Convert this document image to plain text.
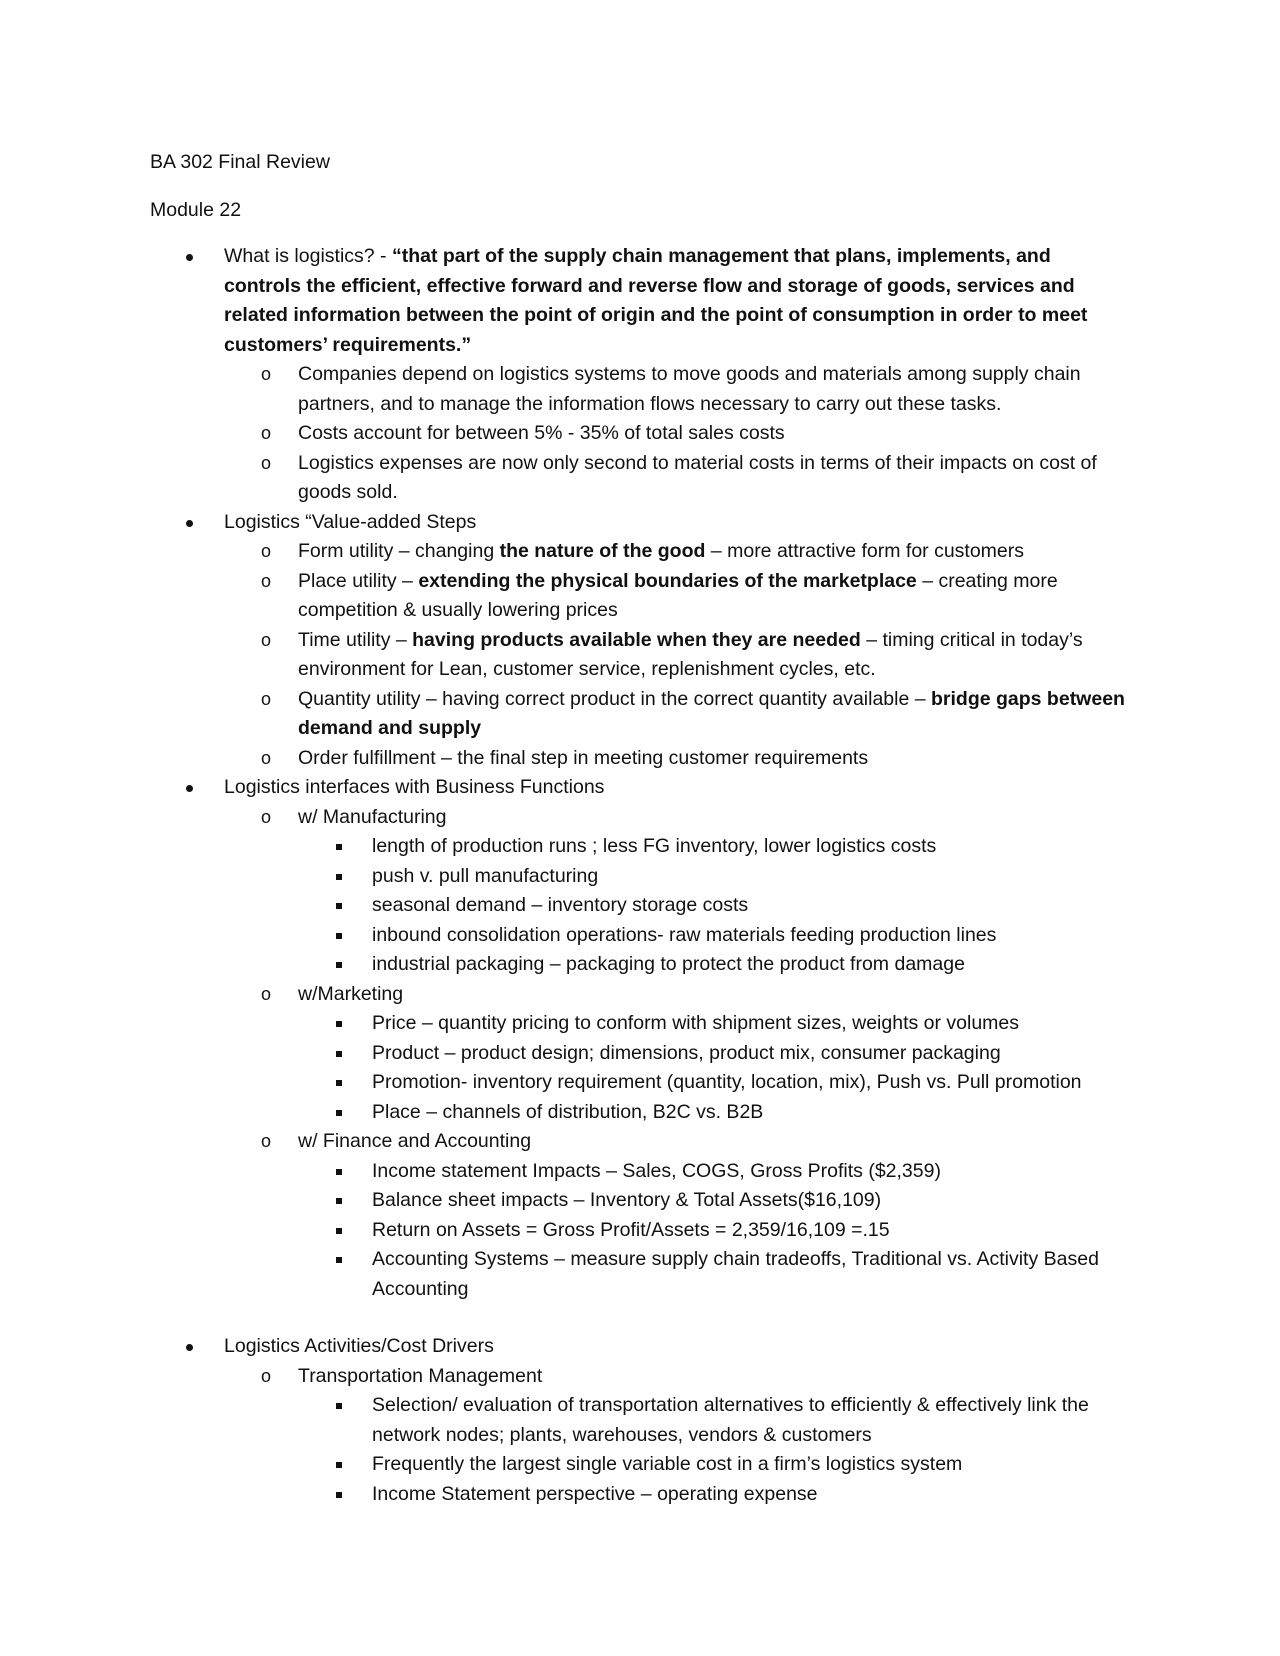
BA 302 Final Review

Module 22

What is logistics? - “that part of the supply chain management that plans, implements, and controls the efficient, effective forward and reverse flow and storage of goods, services and related information between the point of origin and the point of consumption in order to meet customers’ requirements.”
o Companies depend on logistics systems to move goods and materials among supply chain partners, and to manage the information flows necessary to carry out these tasks.
o Costs account for between 5% - 35% of total sales costs
o Logistics expenses are now only second to material costs in terms of their impacts on cost of goods sold.
Logistics “Value-added Steps
o Form utility – changing the nature of the good – more attractive form for customers
o Place utility – extending the physical boundaries of the marketplace – creating more competition & usually lowering prices
o Time utility – having products available when they are needed – timing critical in today’s environment for Lean, customer service, replenishment cycles, etc.
o Quantity utility – having correct product in the correct quantity available – bridge gaps between demand and supply
o Order fulfillment – the final step in meeting customer requirements
Logistics interfaces with Business Functions
o w/ Manufacturing
length of production runs ; less FG inventory, lower logistics costs
push v. pull manufacturing
seasonal demand – inventory storage costs
inbound consolidation operations- raw materials feeding production lines
industrial packaging – packaging to protect the product from damage
o w/Marketing
Price – quantity pricing to conform with shipment sizes, weights or volumes
Product – product design; dimensions, product mix, consumer packaging
Promotion- inventory requirement (quantity, location, mix), Push vs. Pull promotion
Place – channels of distribution, B2C vs. B2B
o w/ Finance and Accounting
Income statement Impacts – Sales, COGS, Gross Profits ($2,359)
Balance sheet impacts – Inventory & Total Assets($16,109)
Return on Assets = Gross Profit/Assets = 2,359/16,109 =.15
Accounting Systems – measure supply chain tradeoffs, Traditional vs. Activity Based Accounting
Logistics Activities/Cost Drivers
o Transportation Management
Selection/ evaluation of transportation alternatives to efficiently & effectively link the network nodes; plants, warehouses, vendors & customers
Frequently the largest single variable cost in a firm’s logistics system
Income Statement perspective – operating expense
